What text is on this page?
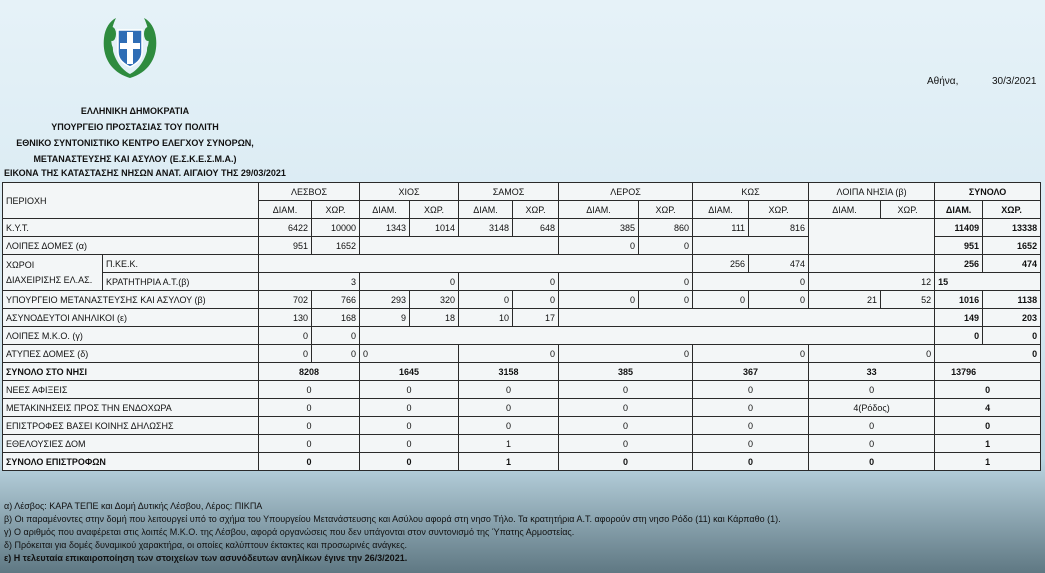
Αθήνα,	30/3/2021
ΕΛΛΗΝΙΚΗ ΔΗΜΟΚΡΑΤΙΑ
ΥΠΟΥΡΓΕΙΟ ΠΡΟΣΤΑΣΙΑΣ ΤΟΥ ΠΟΛΙΤΗ
ΕΘΝΙΚΟ ΣΥΝΤΟΝΙΣΤΙΚΟ ΚΕΝΤΡΟ ΕΛΕΓΧΟΥ ΣΥΝΟΡΩΝ,
ΜΕΤΑΝΑΣΤΕΥΣΗΣ ΚΑΙ ΑΣΥΛΟΥ (Ε.Σ.Κ.Ε.Σ.Μ.Α.)
ΕΙΚΟΝΑ ΤΗΣ ΚΑΤΑΣΤΑΣΗΣ ΝΗΣΩΝ ΑΝΑΤ. ΑΙΓΑΙΟΥ ΤΗΣ 29/03/2021
ΠΕΡΙΟΧΗ		ΛΕΣΒΟΣ		ΧΙΟΣ		ΣΑΜΟΣ		ΛΕΡΟΣ		ΚΩΣ		ΛΟΙΠΑ ΝΗΣΙΑ (β)		ΣΥΝΟΛΟ	
		ΔΙΑΜ.	ΧΩΡ.	ΔΙΑΜ.	ΧΩΡ.	ΔΙΑΜ.	ΧΩΡ.	ΔΙΑΜ.	ΧΩΡ.	ΔΙΑΜ.	ΧΩΡ.	ΔΙΑΜ.	ΧΩΡ.	ΔΙΑΜ.	ΧΩΡ.
Κ.Υ.Τ.		6422	10000	1343	1014	3148	648	385	860	111	816			11409	13338
ΛΟΙΠΕΣ ΔΟΜΕΣ (α)		951	1652					0	0					951	1652

ΧΩΡΟΙ
ΔΙΑΧΕΙΡΙΣΗΣ ΕΛ.ΑΣ.	Π.ΚΕ.Κ.									256	474			256	474
	ΚΡΑΤΗΤΗΡΙΑ Α.Τ.(β)	3		0		0		0		0		12		15	
ΥΠΟΥΡΓΕΙΟ ΜΕΤΑΝΑΣΤΕΥΣΗΣ ΚΑΙ ΑΣΥΛΟΥ (β)		702	766	293	320	0	0	0	0	0	0	21	52	1016	1138
ΑΣΥΝΟΔΕΥΤΟΙ ΑΝΗΛΙΚΟΙ (ε)		130	168	9	18	10	17							149	203
ΛΟΙΠΕΣ Μ.Κ.Ο. (γ)		0	0											0	0
ΑΤΥΠΕΣ ΔΟΜΕΣ (δ)		0	0	0		0		0		0		0		0	
ΣΥΝΟΛΟ ΣΤΟ ΝΗΣΙ		8208		1645		3158		385		367		33		13796	
ΝΕΕΣ ΑΦΙΞΕΙΣ		0		0		0		0		0		0		0	
ΜΕΤΑΚΙΝΗΣΕΙΣ ΠΡΟΣ ΤΗΝ ΕΝΔΟΧΩΡΑ		0		0		0		0		0		4(Ρόδος)		4	
ΕΠΙΣΤΡΟΦΕΣ ΒΑΣΕΙ ΚΟΙΝΗΣ ΔΗΛΩΣΗΣ		0		0		0		0		0		0		0	
ΕΘΕΛΟΥΣΙΕΣ ΔΟΜ		0		0		1		0		0		0		1	
ΣΥΝΟΛΟ ΕΠΙΣΤΡΟΦΩΝ		0		0		1		0		0		0		1	
α) Λέσβος: ΚΑΡΑ ΤΕΠΕ και Δομή Δυτικής Λέσβου, Λέρος: ΠΙΚΠΑ
β) Οι παραμένοντες στην δομή που λειτουργεί υπό το σχήμα του Υπουργείου Μετανάστευσης και Ασύλου αφορά στη νησο Τήλο. Τα κρατητήρια Α.Τ. αφορούν στη νησο Ρόδο (11) και Κάρπαθο (1).
γ) Ο αριθμός που αναφέρεται στις λοιπές Μ.Κ.Ο. της Λέσβου, αφορά οργανώσεις που δεν υπάγονται στον συντονισμό της Ύπατης Αρμοστείας.
δ) Πρόκειται για δομές δυναμικού χαρακτήρα, οι οποίες καλύπτουν έκτακτες και προσωρινές ανάγκες.
ε) Η τελευταία επικαιροποίηση των στοιχείων των ασυνόδευτων ανηλίκων έγινε την 26/3/2021.
